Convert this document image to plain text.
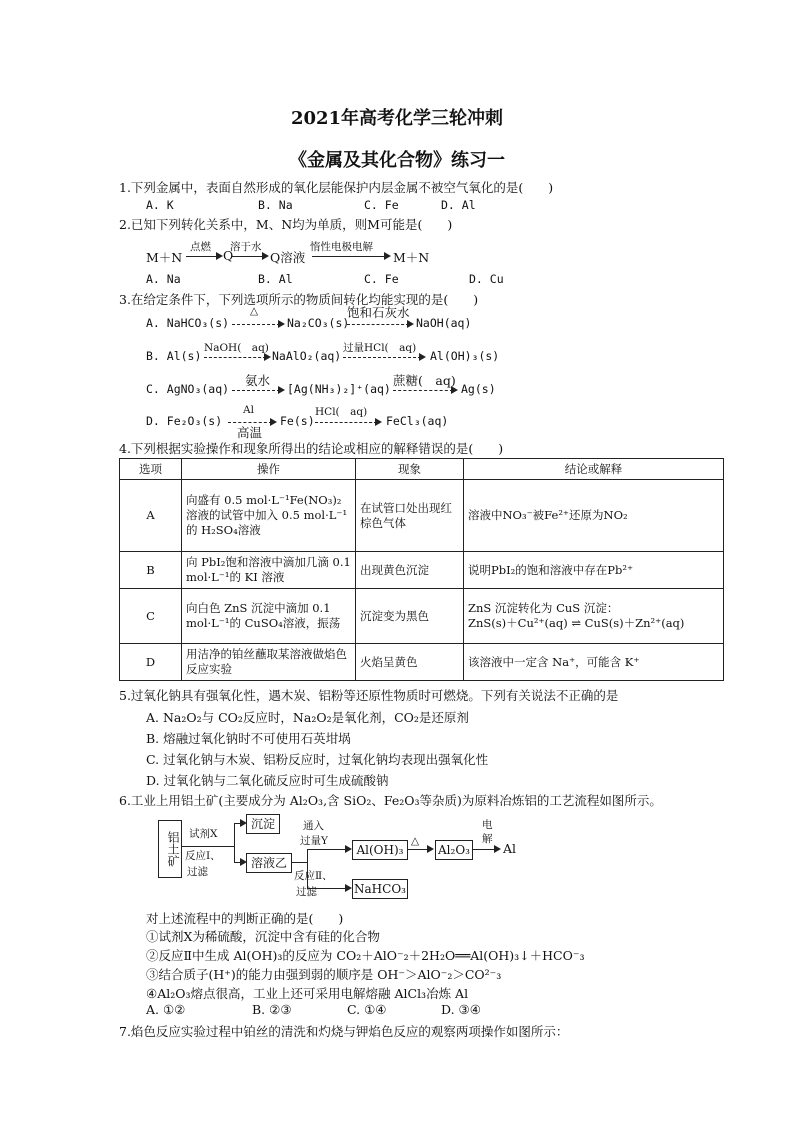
2021年高考化学三轮冲刺
《金属及其化合物》练习一
1.下列金属中，表面自然形成的氧化层能保护内层金属不被空气氧化的是(　　)
A. K	B. Na	C. Fe	D. Al
2.已知下列转化关系中，M、N均为单质，则M可能是(　　)
M＋N
点燃
Q
溶于水
Q溶液
惰性电极电解
M＋N
A. Na	B. Al	C. Fe	D. Cu
3.在给定条件下，下列选项所示的物质间转化均能实现的是(　　)
A. NaHCO₃(s)
△
Na₂CO₃(s)
饱和石灰水
NaOH(aq)
B. Al(s)
NaOH(　aq)
NaAlO₂(aq)
过量HCl(　aq)
Al(OH)₃(s)
C. AgNO₃(aq)
氨水
[Ag(NH₃)₂]⁺(aq)
蔗糖(　aq)
Ag(s)
D. Fe₂O₃(s)
Al
高温
Fe(s)
HCl(　aq)
FeCl₃(aq)
4.下列根据实验操作和现象所得出的结论或相应的解释错误的是(　　)
选项	操作	现象	结论或解释
A	向盛有 0.5 mol·L⁻¹Fe(NO₃)₂溶液的试管中加入 0.5 mol·L⁻¹的 H₂SO₄溶液	在试管口处出现红棕色气体	溶液中NO₃⁻被Fe²⁺还原为NO₂
B	向 PbI₂饱和溶液中滴加几滴 0.1 mol·L⁻¹的 KI 溶液	出现黄色沉淀	说明PbI₂的饱和溶液中存在Pb²⁺
C	向白色 ZnS 沉淀中滴加 0.1 mol·L⁻¹的 CuSO₄溶液，振荡	沉淀变为黑色	ZnS 沉淀转化为 CuS 沉淀：
ZnS(s)＋Cu²⁺(aq) ⇌ CuS(s)＋Zn²⁺(aq)

D	用洁净的铂丝蘸取某溶液做焰色反应实验	火焰呈黄色	该溶液中一定含 Na⁺，可能含 K⁺
5.过氧化钠具有强氧化性，遇木炭、铝粉等还原性物质时可燃烧。下列有关说法不正确的是
A. Na₂O₂与 CO₂反应时，Na₂O₂是氧化剂，CO₂是还原剂
B. 熔融过氧化钠时不可使用石英坩埚
C. 过氧化钠与木炭、铝粉反应时，过氧化钠均表现出强氧化性
D. 过氧化钠与二氧化硫反应时可生成硫酸钠
6.工业上用铝土矿(主要成分为 Al₂O₃,含 SiO₂、Fe₂O₃等杂质)为原料冶炼铝的工艺流程如图所示。
铝土矿 试剂X
反应Ⅰ、
过滤
沉淀
溶液乙
通入
过量Y
Al(OH)₃
△
Al₂O₃
电
解
Al
反应Ⅱ、
过滤	NaHCO₃
对上述流程中的判断正确的是(　　)
①试剂X为稀硫酸，沉淀中含有硅的化合物
②反应Ⅱ中生成 Al(OH)₃的反应为 CO₂＋AlO⁻₂＋2H₂O══Al(OH)₃↓＋HCO⁻₃
③结合质子(H⁺)的能力由强到弱的顺序是 OH⁻＞AlO⁻₂＞CO²⁻₃
④Al₂O₃熔点很高，工业上还可采用电解熔融 AlCl₃冶炼 Al
A. ①②	B. ②③	C. ①④	D. ③④
7.焰色反应实验过程中铂丝的清洗和灼烧与钾焰色反应的观察两项操作如图所示：
